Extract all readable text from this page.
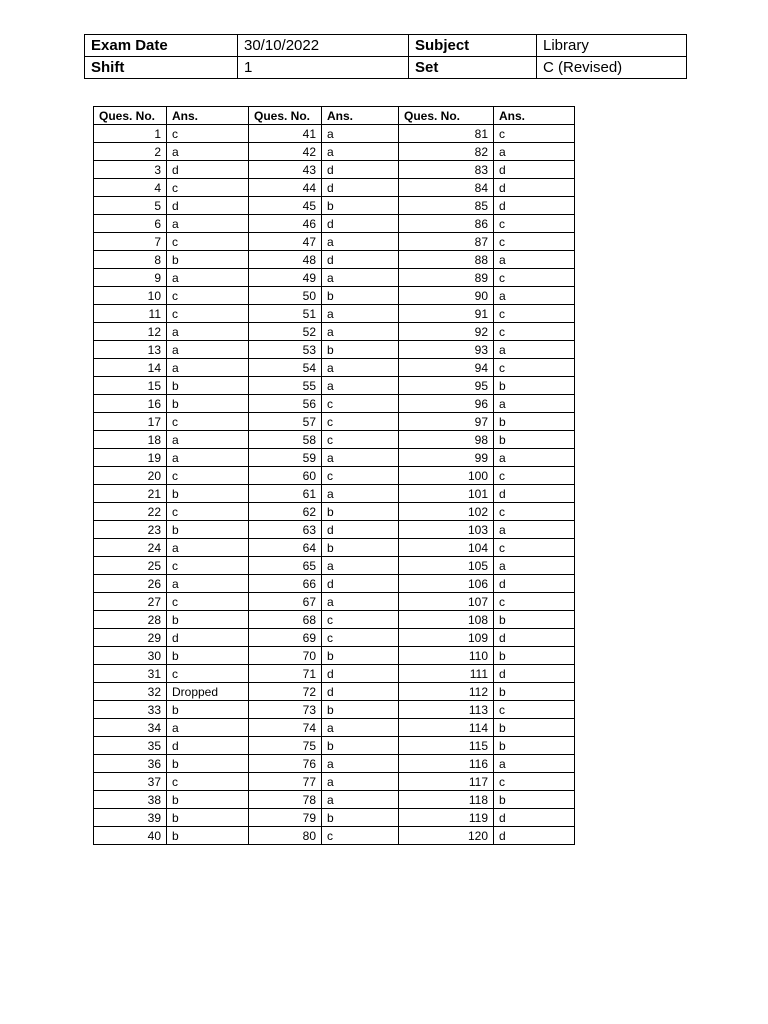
Exam Date	30/10/2022	Subject	Library
Shift	1	Set	C (Revised)
Ques. No.	Ans.	Ques. No.	Ans.	Ques. No.	Ans.
1	c	41	a	81	c
2	a	42	a	82	a
3	d	43	d	83	d
4	c	44	d	84	d
5	d	45	b	85	d
6	a	46	d	86	c
7	c	47	a	87	c
8	b	48	d	88	a
9	a	49	a	89	c
10	c	50	b	90	a
11	c	51	a	91	c
12	a	52	a	92	c
13	a	53	b	93	a
14	a	54	a	94	c
15	b	55	a	95	b
16	b	56	c	96	a
17	c	57	c	97	b
18	a	58	c	98	b
19	a	59	a	99	a
20	c	60	c	100	c
21	b	61	a	101	d
22	c	62	b	102	c
23	b	63	d	103	a
24	a	64	b	104	c
25	c	65	a	105	a
26	a	66	d	106	d
27	c	67	a	107	c
28	b	68	c	108	b
29	d	69	c	109	d
30	b	70	b	110	b
31	c	71	d	111	d
32	Dropped	72	d	112	b
33	b	73	b	113	c
34	a	74	a	114	b
35	d	75	b	115	b
36	b	76	a	116	a
37	c	77	a	117	c
38	b	78	a	118	b
39	b	79	b	119	d
40	b	80	c	120	d
